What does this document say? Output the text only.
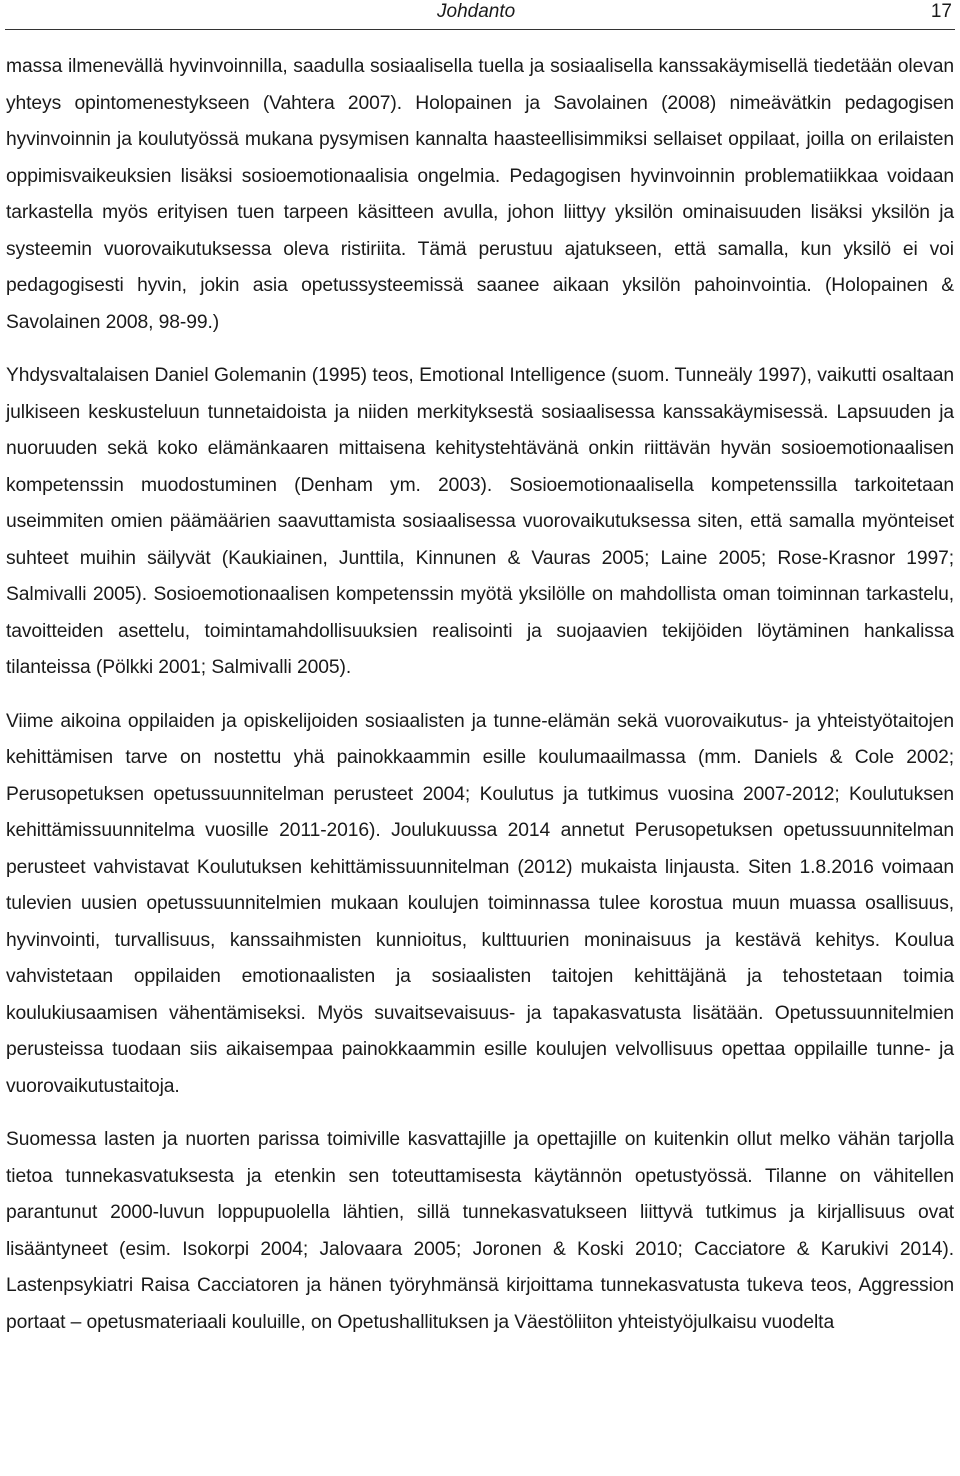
Johdanto	17

massa ilmenevällä hyvinvoinnilla, saadulla sosiaalisella tuella ja sosiaalisella kanssakäymisellä tiedetään olevan yhteys opintomenestykseen (Vahtera 2007). Holopainen ja Savolainen (2008) nimeävätkin pedagogisen hyvinvoinnin ja koulutyössä mukana pysymisen kannalta haasteellisimmiksi sellaiset oppilaat, joilla on erilaisten oppimisvaikeuksien lisäksi sosioemotionaalisia ongelmia. Pedagogisen hyvinvoinnin problematiikkaa voidaan tarkastella myös erityisen tuen tarpeen käsitteen avulla, johon liittyy yksilön ominaisuuden lisäksi yksilön ja systeemin vuorovaikutuksessa oleva ristiriita. Tämä perustuu ajatukseen, että samalla, kun yksilö ei voi pedagogisesti hyvin, jokin asia opetussysteemissä saanee aikaan yksilön pahoinvointia. (Holopainen & Savolainen 2008, 98-99.)

Yhdysvaltalaisen Daniel Golemanin (1995) teos, Emotional Intelligence (suom. Tunneäly 1997), vaikutti osaltaan julkiseen keskusteluun tunnetaidoista ja niiden merkityksestä sosiaalisessa kanssakäymisessä. Lapsuuden ja nuoruuden sekä koko elämänkaaren mittaisena kehitystehtävänä onkin riittävän hyvän sosioemotionaalisen kompetenssin muodostuminen (Denham ym. 2003). Sosioemotionaalisella kompetenssilla tarkoitetaan useimmiten omien päämäärien saavuttamista sosiaalisessa vuorovaikutuksessa siten, että samalla myönteiset suhteet muihin säilyvät (Kaukiainen, Junttila, Kinnunen & Vauras 2005; Laine 2005; Rose-Krasnor 1997; Salmivalli 2005). Sosioemotionaalisen kompetenssin myötä yksilölle on mahdollista oman toiminnan tarkastelu, tavoitteiden asettelu, toimintamahdollisuuksien realisointi ja suojaavien tekijöiden löytäminen hankalissa tilanteissa (Pölkki 2001; Salmivalli 2005).

Viime aikoina oppilaiden ja opiskelijoiden sosiaalisten ja tunne-elämän sekä vuorovaikutus- ja yhteistyötaitojen kehittämisen tarve on nostettu yhä painokkaammin esille koulumaailmassa (mm. Daniels & Cole 2002; Perusopetuksen opetussuunnitelman perusteet 2004; Koulutus ja tutkimus vuosina 2007-2012; Koulutuksen kehittämissuunnitelma vuosille 2011-2016). Joulukuussa 2014 annetut Perusopetuksen opetussuunnitelman perusteet vahvistavat Koulutuksen kehittämissuunnitelman (2012) mukaista linjausta. Siten 1.8.2016 voimaan tulevien uusien opetussuunnitelmien mukaan koulujen toiminnassa tulee korostua muun muassa osallisuus, hyvinvointi, turvallisuus, kanssaihmisten kunnioitus, kulttuurien moninaisuus ja kestävä kehitys. Koulua vahvistetaan oppilaiden emotionaalisten ja sosiaalisten taitojen kehittäjänä ja tehostetaan toimia koulukiusaamisen vähentämiseksi. Myös suvaitsevaisuus- ja tapakasvatusta lisätään. Opetussuunnitelmien perusteissa tuodaan siis aikaisempaa painokkaammin esille koulujen velvollisuus opettaa oppilaille tunne- ja vuorovaikutustaitoja.

Suomessa lasten ja nuorten parissa toimiville kasvattajille ja opettajille on kuitenkin ollut melko vähän tarjolla tietoa tunnekasvatuksesta ja etenkin sen toteuttamisesta käytännön opetustyössä. Tilanne on vähitellen parantunut 2000-luvun loppupuolella lähtien, sillä tunnekasvatukseen liittyvä tutkimus ja kirjallisuus ovat lisääntyneet (esim. Isokorpi 2004; Jalovaara 2005; Joronen & Koski 2010; Cacciatore & Karukivi 2014). Lastenpsykiatri Raisa Cacciatoren ja hänen työryhmänsä kirjoittama tunnekasvatusta tukeva teos, Aggression portaat – opetusmateriaali kouluille, on Opetushallituksen ja Väestöliiton yhteistyöjulkaisu vuodelta
